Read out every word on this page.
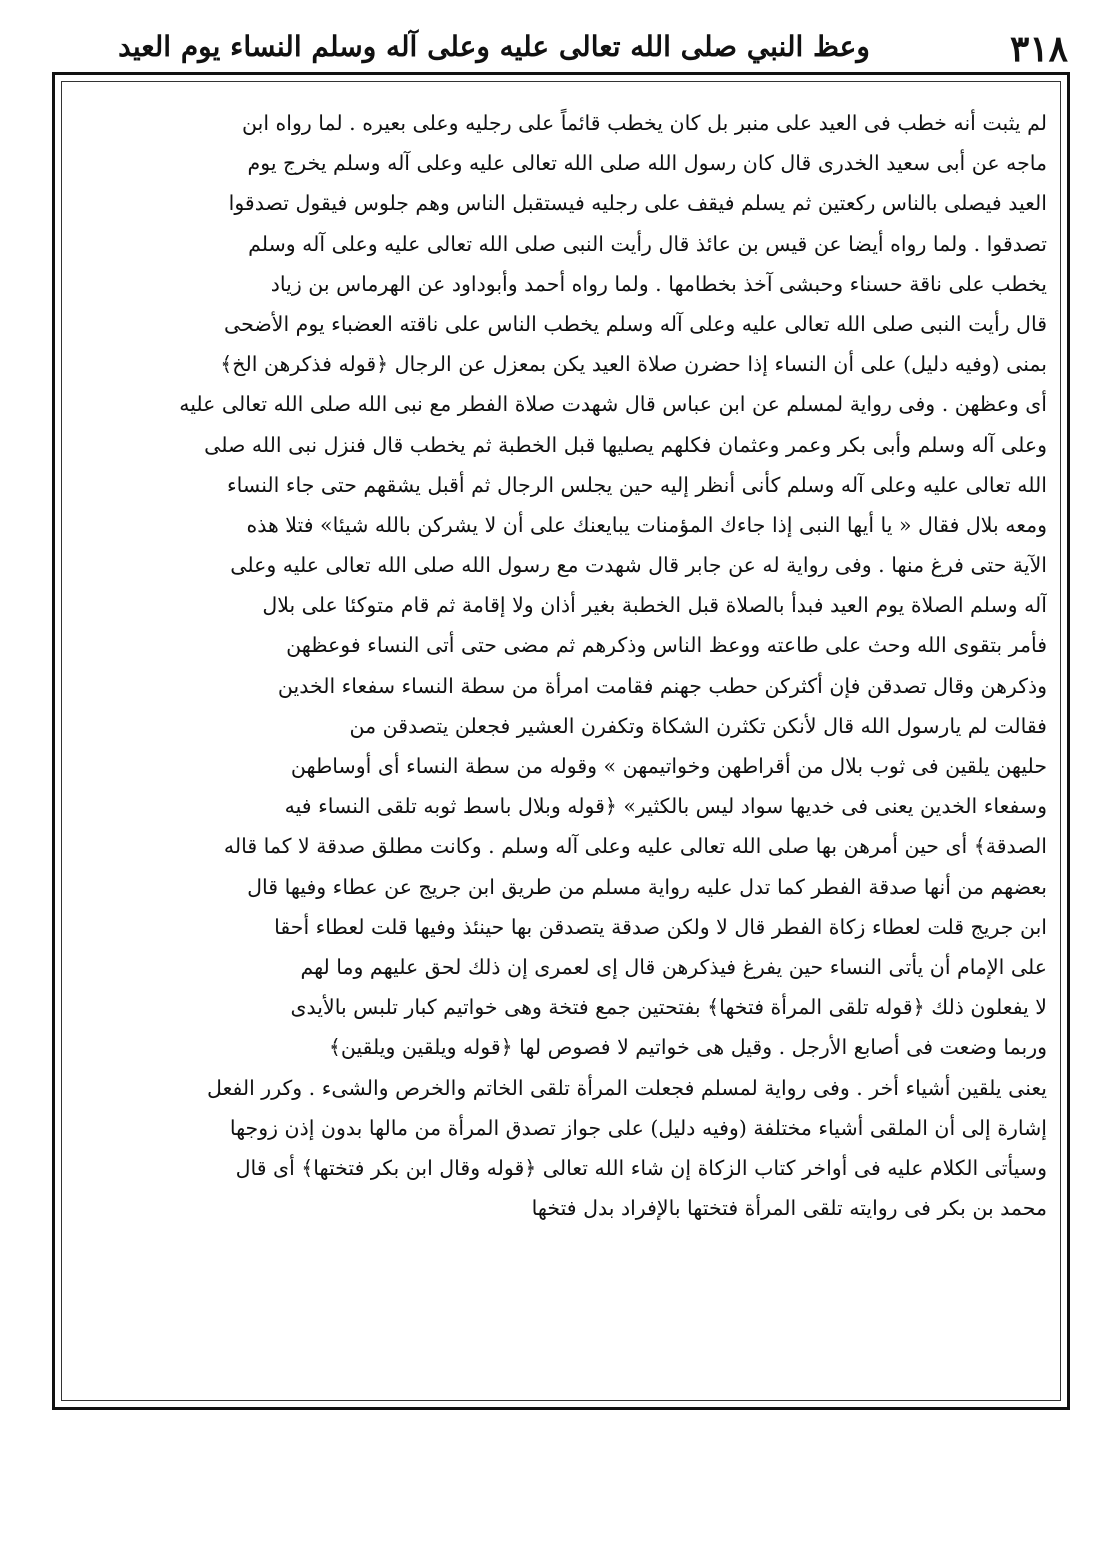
وعظ النبي صلى الله تعالى عليه وعلى آله وسلم النساء يوم العيد	٣١٨
لم يثبت أنه خطب فى العيد على منبر بل كان يخطب قائماً على رجليه وعلى بعيره . لما رواه ابن
ماجه عن أبى سعيد الخدرى قال كان رسول الله صلى الله تعالى عليه وعلى آله وسلم يخرج يوم
العيد فيصلى بالناس ركعتين ثم يسلم فيقف على رجليه فيستقبل الناس وهم جلوس فيقول تصدقوا
تصدقوا . ولما رواه أيضا عن قيس بن عائذ قال رأيت النبى صلى الله تعالى عليه وعلى آله وسلم
يخطب على ناقة حسناء وحبشى آخذ بخطامها . ولما رواه أحمد وأبوداود عن الهرماس بن زياد
قال رأيت النبى صلى الله تعالى عليه وعلى آله وسلم يخطب الناس على ناقته العضباء يوم الأضحى
بمنى (وفيه دليل) على أن النساء إذا حضرن صلاة العيد يكن بمعزل عن الرجال ﴿قوله فذكرهن الخ﴾
أى وعظهن . وفى رواية لمسلم عن ابن عباس قال شهدت صلاة الفطر مع نبى الله صلى الله تعالى عليه
وعلى آله وسلم وأبى بكر وعمر وعثمان فكلهم يصليها قبل الخطبة ثم يخطب قال فنزل نبى الله صلى
الله تعالى عليه وعلى آله وسلم كأنى أنظر إليه حين يجلس الرجال ثم أقبل يشقهم حتى جاء النساء
ومعه بلال فقال « يا أيها النبى إذا جاءك المؤمنات يبايعنك على أن لا يشركن بالله شيئا» فتلا هذه
الآية حتى فرغ منها . وفى رواية له عن جابر قال شهدت مع رسول الله صلى الله تعالى عليه وعلى
آله وسلم الصلاة يوم العيد فبدأ بالصلاة قبل الخطبة بغير أذان ولا إقامة ثم قام متوكئا على بلال
فأمر بتقوى الله وحث على طاعته ووعظ الناس وذكرهم ثم مضى حتى أتى النساء فوعظهن
وذكرهن وقال تصدقن فإن أكثركن حطب جهنم فقامت امرأة من سطة النساء سفعاء الخدين
فقالت لم يارسول الله قال لأنكن تكثرن الشكاة وتكفرن العشير فجعلن يتصدقن من
حليهن يلقين فى ثوب بلال من أقراطهن وخواتيمهن » وقوله من سطة النساء أى أوساطهن
وسفعاء الخدين يعنى فى خديها سواد ليس بالكثير» ﴿قوله وبلال باسط ثوبه تلقى النساء فيه
الصدقة﴾ أى حين أمرهن بها صلى الله تعالى عليه وعلى آله وسلم . وكانت مطلق صدقة لا كما قاله
بعضهم من أنها صدقة الفطر كما تدل عليه رواية مسلم من طريق ابن جريج عن عطاء وفيها قال
ابن جريج قلت لعطاء زكاة الفطر قال لا ولكن صدقة يتصدقن بها حينئذ وفيها قلت لعطاء أحقا
على الإمام أن يأتى النساء حين يفرغ فيذكرهن قال إى لعمرى إن ذلك لحق عليهم وما لهم
لا يفعلون ذلك ﴿قوله تلقى المرأة فتخها﴾ بفتحتين جمع فتخة وهى خواتيم كبار تلبس بالأيدى
وربما وضعت فى أصابع الأرجل . وقيل هى خواتيم لا فصوص لها ﴿قوله ويلقين ويلقين﴾
يعنى يلقين أشياء أخر . وفى رواية لمسلم فجعلت المرأة تلقى الخاتم والخرص والشىء . وكرر الفعل
إشارة إلى أن الملقى أشياء مختلفة (وفيه دليل) على جواز تصدق المرأة من مالها بدون إذن زوجها
وسيأتى الكلام عليه فى أواخر كتاب الزكاة إن شاء الله تعالى ﴿قوله وقال ابن بكر فتختها﴾ أى قال
محمد بن بكر فى روايته تلقى المرأة فتختها بالإفراد بدل فتخها
